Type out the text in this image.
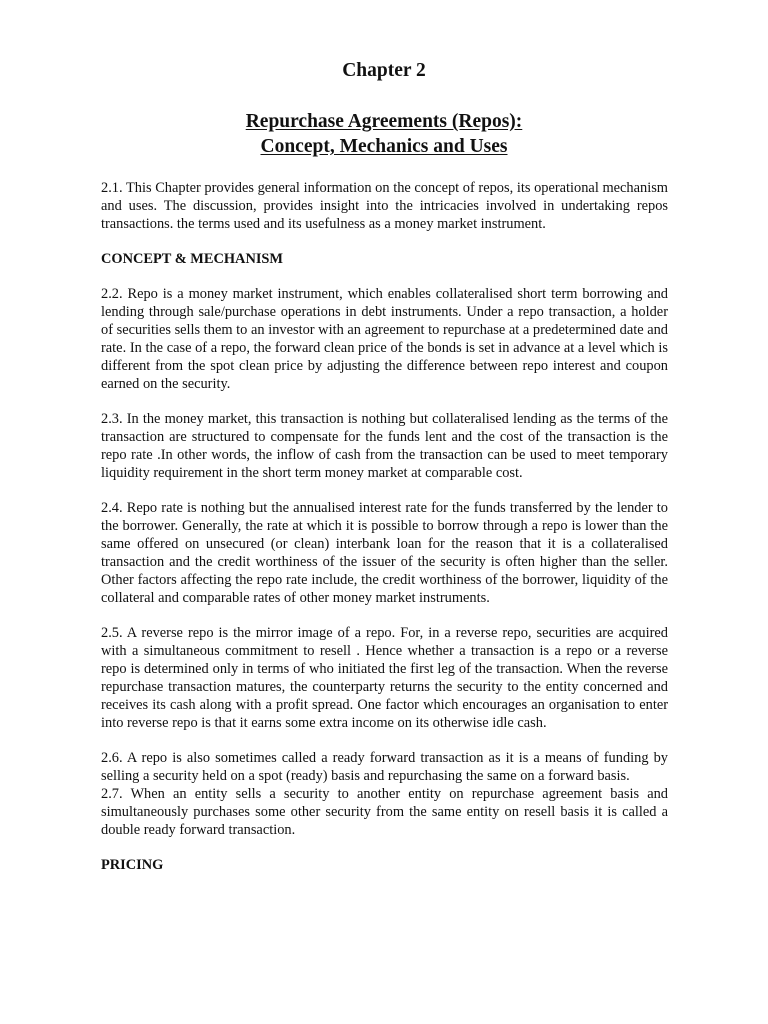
Chapter 2
Repurchase Agreements (Repos):
Concept, Mechanics and Uses

2.1. This Chapter provides general information on the concept of repos, its operational mechanism and uses. The discussion, provides insight into the intricacies involved in undertaking repos transactions. the terms used and its usefulness as a money market instrument.

CONCEPT & MECHANISM

2.2. Repo is a money market instrument, which enables collateralised short term borrowing and lending through sale/purchase operations in debt instruments. Under a repo transaction, a holder of securities sells them to an investor with an agreement to repurchase at a predetermined date and rate. In the case of a repo, the forward clean price of the bonds is set in advance at a level which is different from the spot clean price by adjusting the difference between repo interest and coupon earned on the security.

2.3. In the money market, this transaction is nothing but collateralised lending as the terms of the transaction are structured to compensate for the funds lent and the cost of the transaction is the repo rate .In other words, the inflow of cash from the transaction can be used to meet temporary liquidity requirement in the short term money market at comparable cost.

2.4. Repo rate is nothing but the annualised interest rate for the funds transferred by the lender to the borrower. Generally, the rate at which it is possible to borrow through a repo is lower than the same offered on unsecured (or clean) interbank loan for the reason that it is a collateralised transaction and the credit worthiness of the issuer of the security is often higher than the seller. Other factors affecting the repo rate include, the credit worthiness of the borrower, liquidity of the collateral and comparable rates of other money market instruments.

2.5. A reverse repo is the mirror image of a repo. For, in a reverse repo, securities are acquired with a simultaneous commitment to resell . Hence whether a transaction is a repo or a reverse repo is determined only in terms of who initiated the first leg of the transaction. When the reverse repurchase transaction matures, the counterparty returns the security to the entity concerned and receives its cash along with a profit spread. One factor which encourages an organisation to enter into reverse repo is that it earns some extra income on its otherwise idle cash.

2.6. A repo is also sometimes called a ready forward transaction as it is a means of funding by selling a security held on a spot (ready) basis and repurchasing the same on a forward basis.

2.7. When an entity sells a security to another entity on repurchase agreement basis and simultaneously purchases some other security from the same entity on resell basis it is called a double ready forward transaction.

PRICING
